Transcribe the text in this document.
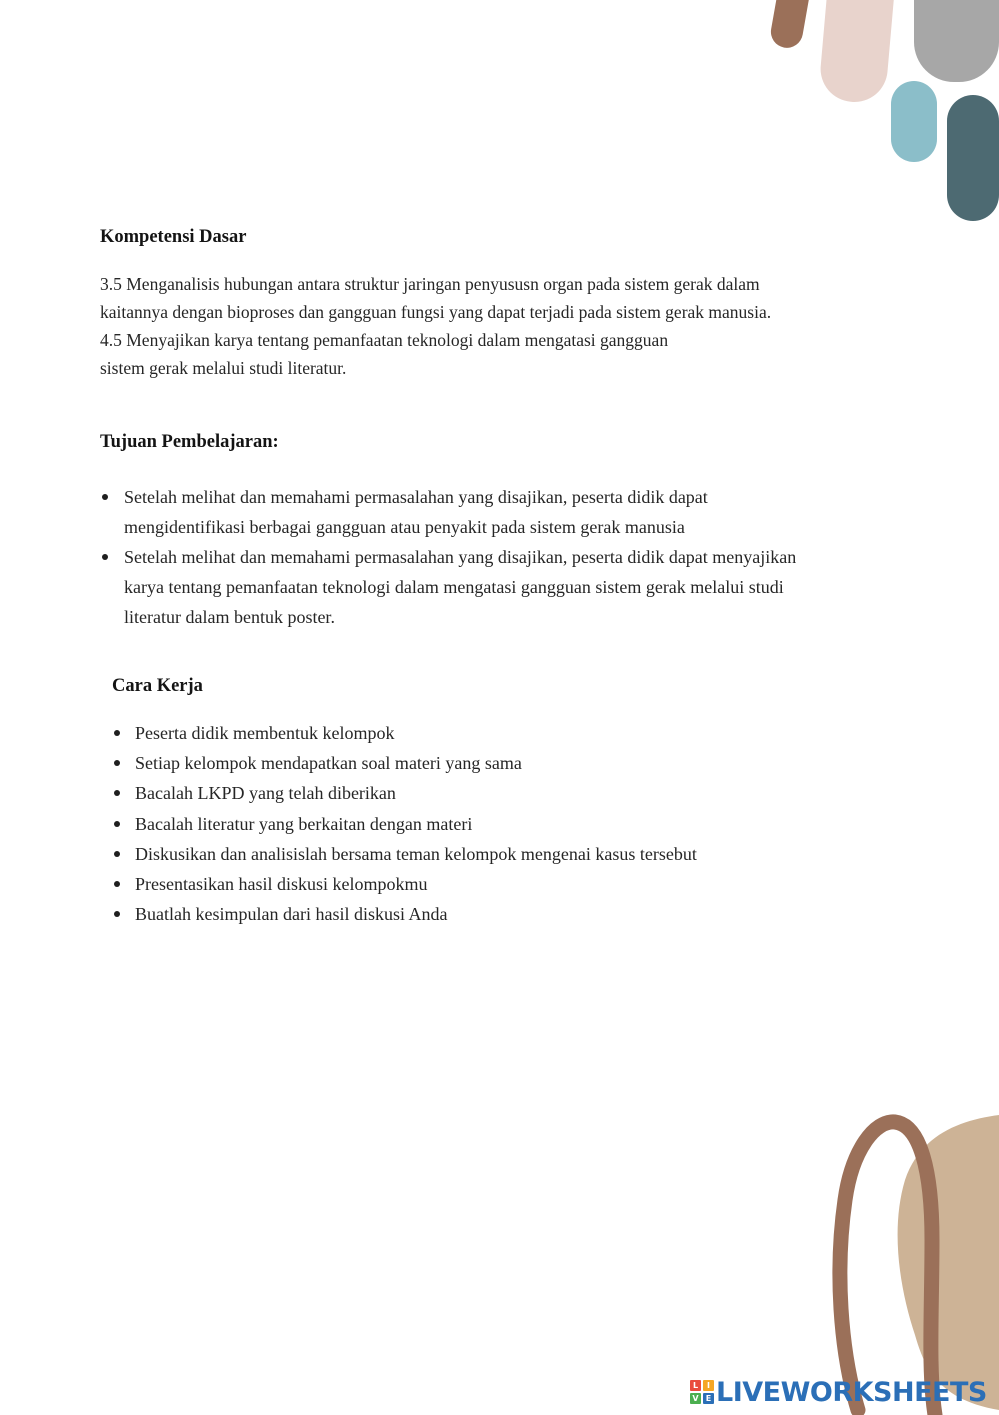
Kompetensi Dasar
3.5 Menganalisis hubungan antara struktur jaringan penyususn organ pada sistem gerak dalam
kaitannya dengan bioproses dan gangguan fungsi yang dapat terjadi pada sistem gerak manusia.
4.5 Menyajikan karya tentang pemanfaatan teknologi dalam mengatasi gangguan
sistem gerak melalui studi literatur.
Tujuan Pembelajaran:
Setelah melihat dan memahami permasalahan yang disajikan, peserta didik dapat
mengidentifikasi berbagai gangguan atau penyakit pada sistem gerak manusia
Setelah melihat dan memahami permasalahan yang disajikan, peserta didik dapat menyajikan
karya tentang pemanfaatan teknologi dalam mengatasi gangguan sistem gerak melalui studi
literatur dalam bentuk poster.
Cara Kerja
Peserta didik membentuk kelompok
Setiap kelompok mendapatkan soal materi yang sama
Bacalah LKPD yang telah diberikan
Bacalah literatur yang berkaitan dengan materi
Diskusikan dan analisislah bersama teman kelompok mengenai kasus tersebut
Presentasikan hasil diskusi kelompokmu
Buatlah kesimpulan dari hasil diskusi Anda
L	I
V E LIVEWORKSHEETS
